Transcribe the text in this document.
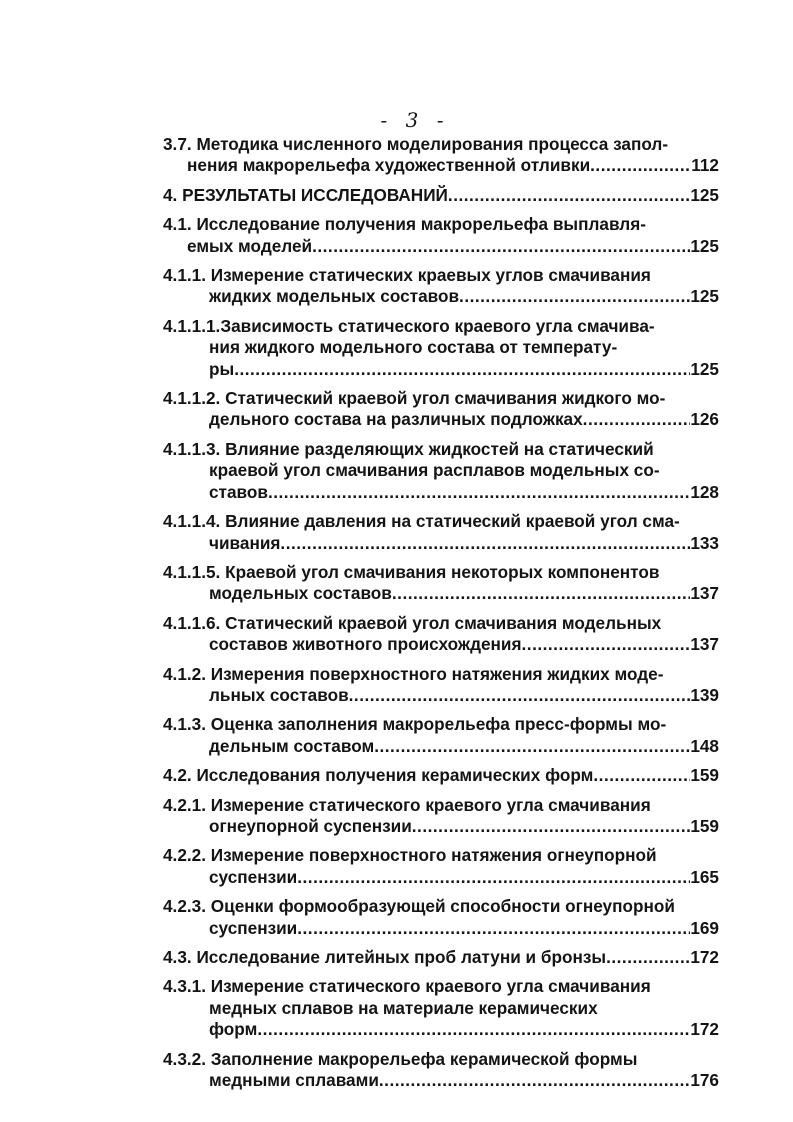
- 3 -
3.7. Методика численного моделирования процесса запол-
нения макрорельефа художественной отливки .....	112
4. РЕЗУЛЬТАТЫ ИССЛЕДОВАНИЙ .....	125
4.1. Исследование получения макрорельефа выплавля-
емых моделей .....	125
4.1.1. Измерение статических краевых углов смачивания
жидких модельных составов .....	125
4.1.1.1.Зависимость статического краевого угла смачива-
ния жидкого модельного состава от температу-
ры .....	125
4.1.1.2. Статический краевой угол смачивания жидкого мо-
дельного состава на различных подложках .....	126
4.1.1.3. Влияние разделяющих жидкостей на статический
краевой угол смачивания расплавов модельных со-
ставов .....	128
4.1.1.4. Влияние давления на статический краевой угол сма-
чивания .....	133
4.1.1.5. Краевой угол смачивания некоторых компонентов
модельных составов .....	137
4.1.1.6. Статический краевой угол смачивания модельных
составов животного происхождения .....	137
4.1.2. Измерения поверхностного натяжения жидких моде-
льных составов .....	139
4.1.3. Оценка заполнения макрорельефа пресс-формы мо-
дельным составом .....	148
4.2. Исследования получения керамических форм .....	159
4.2.1. Измерение статического краевого угла смачивания
огнеупорной суспензии .....	159
4.2.2. Измерение поверхностного натяжения огнеупорной
суспензии .....	165
4.2.3. Оценки формообразующей способности огнеупорной
суспензии .....	169
4.3. Исследование литейных проб латуни и бронзы .....	172
4.3.1. Измерение статического краевого угла смачивания
медных сплавов на материале керамических
форм .....	172
4.3.2. Заполнение макрорельефа керамической формы
медными сплавами .....	176
